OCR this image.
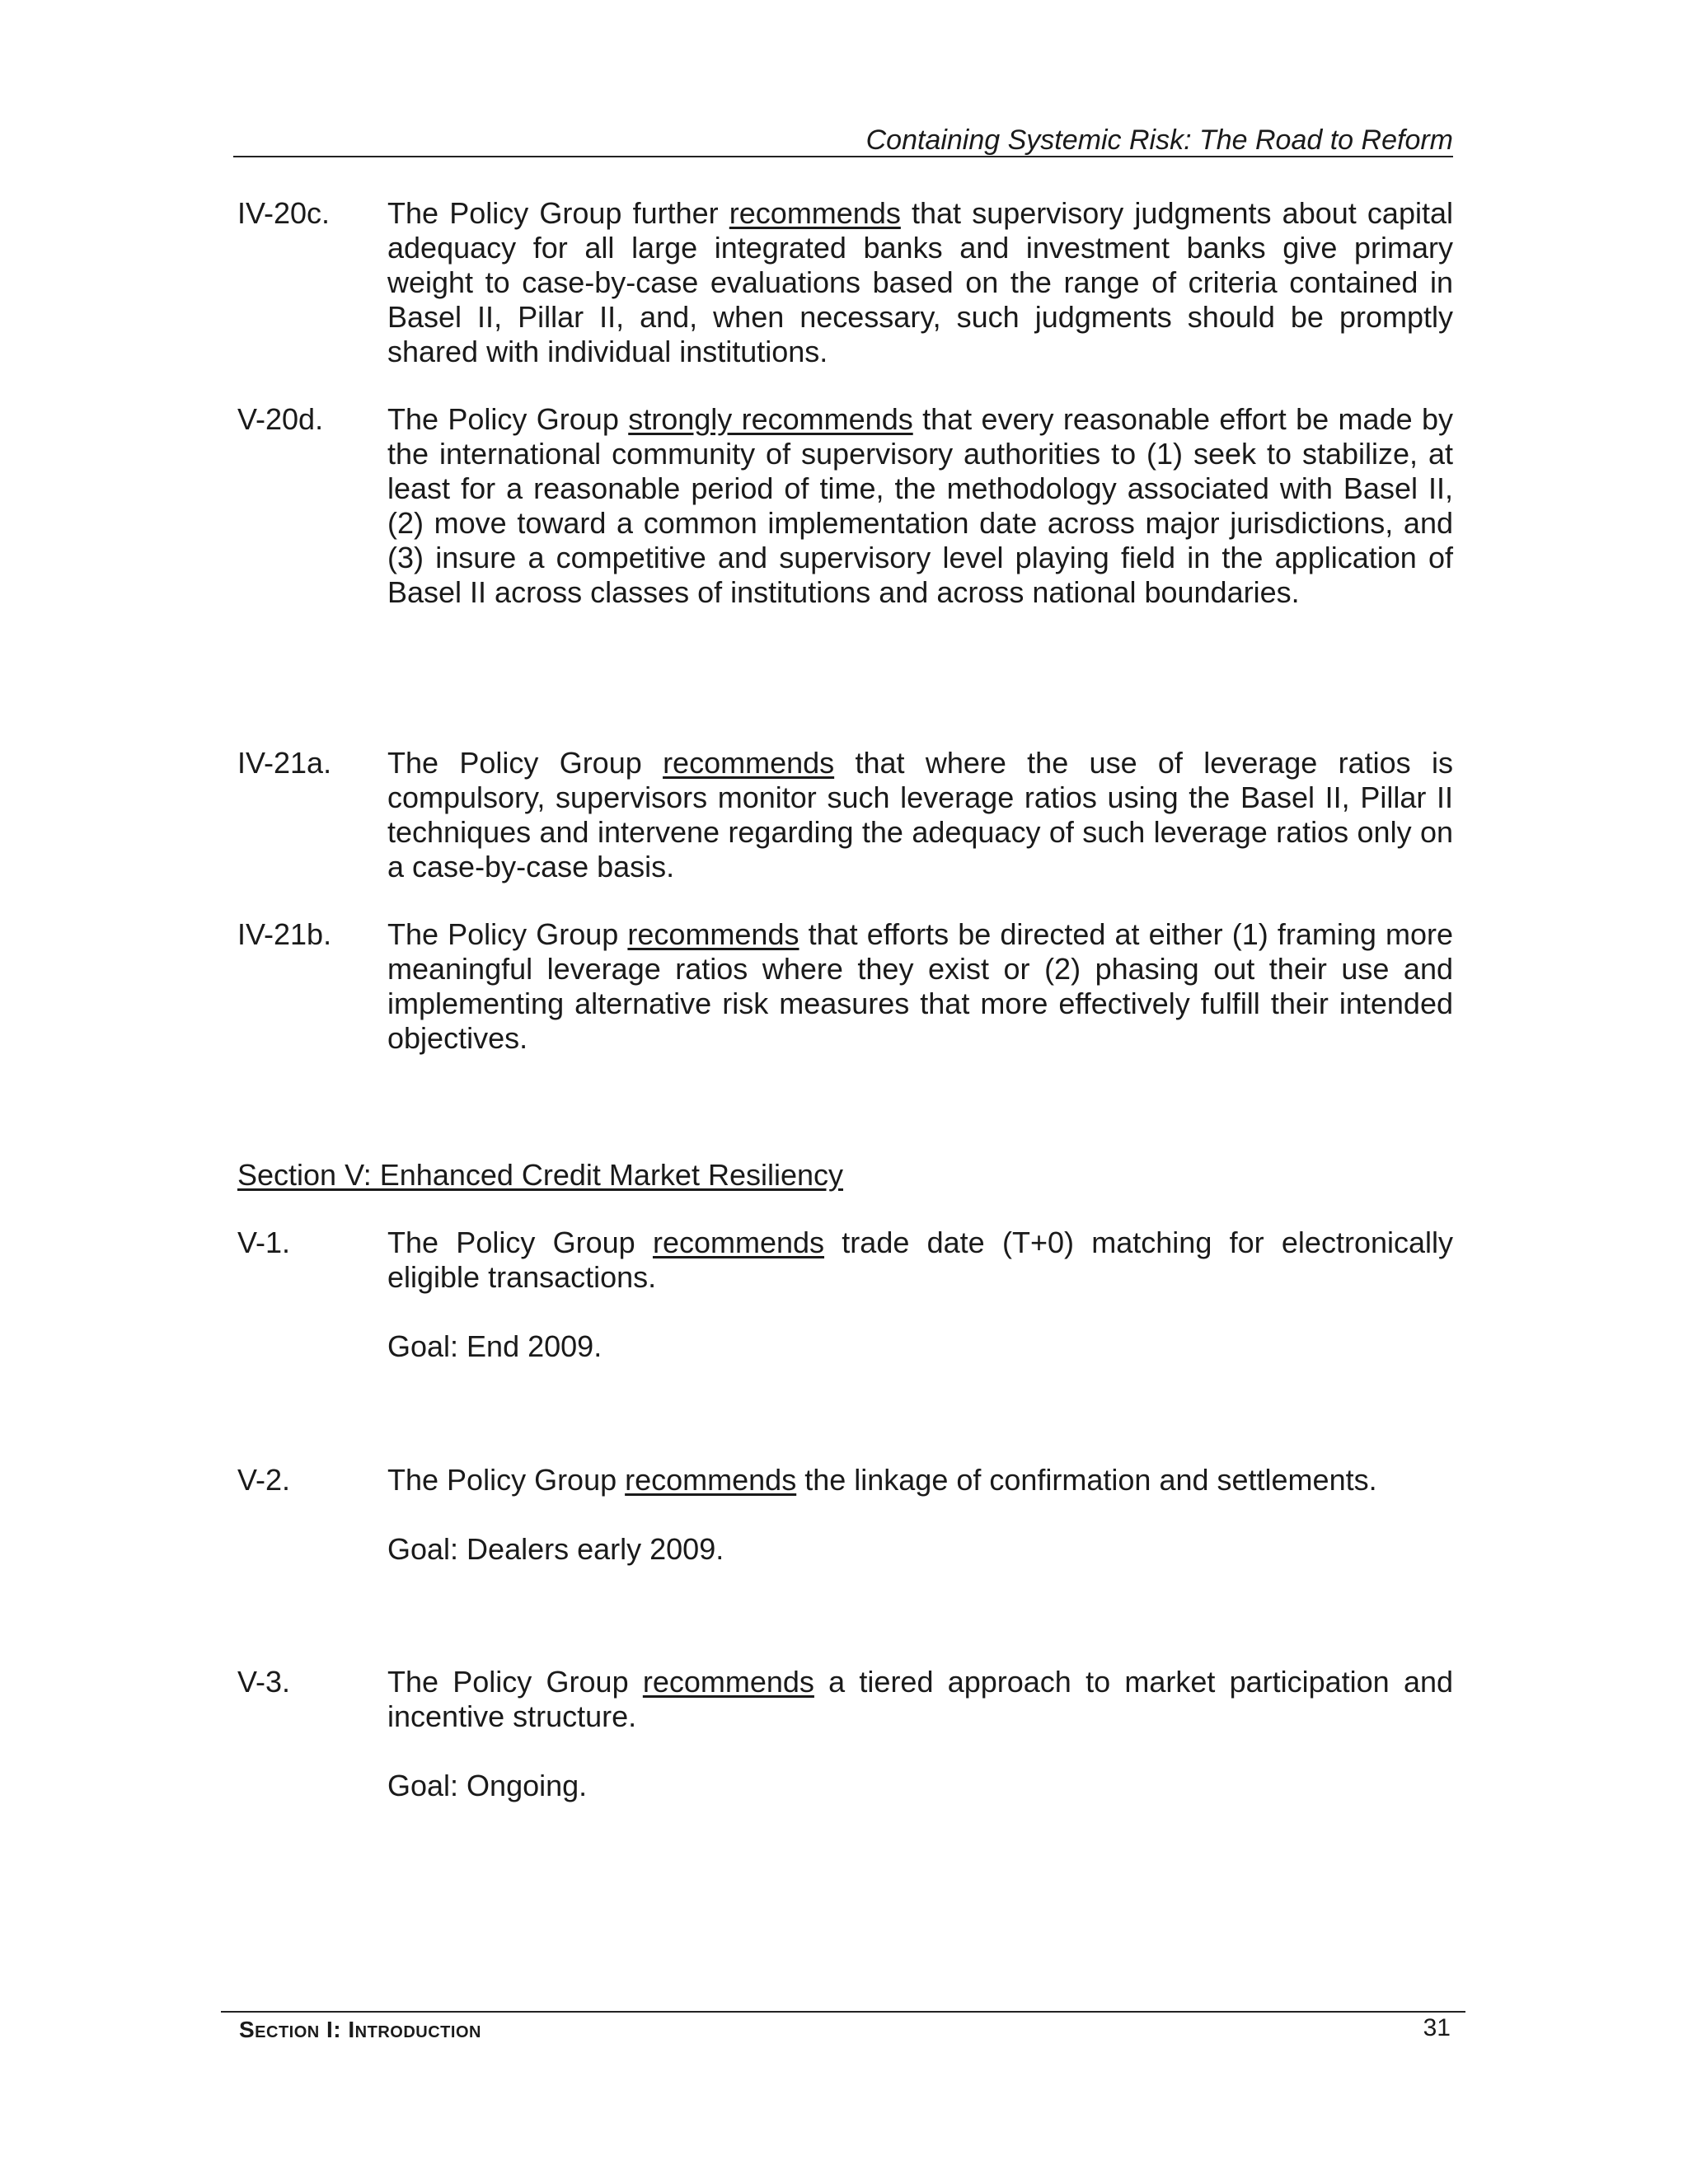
Containing Systemic Risk: The Road to Reform
IV-20c.	The Policy Group further recommends that supervisory judgments about capital adequacy for all large integrated banks and investment banks give primary weight to case-by-case evaluations based on the range of criteria contained in Basel II, Pillar II, and, when necessary, such judgments should be promptly shared with individual institutions.
V-20d.	The Policy Group strongly recommends that every reasonable effort be made by the international community of supervisory authorities to (1) seek to stabilize, at least for a reasonable period of time, the methodology associated with Basel II, (2) move toward a common implementation date across major jurisdictions, and (3) insure a competitive and supervisory level playing field in the application of Basel II across classes of institutions and across national boundaries.
IV-21a.	The Policy Group recommends that where the use of leverage ratios is compulsory, supervisors monitor such leverage ratios using the Basel II, Pillar II techniques and intervene regarding the adequacy of such leverage ratios only on a case-by-case basis.
IV-21b.	The Policy Group recommends that efforts be directed at either (1) framing more meaningful leverage ratios where they exist or (2) phasing out their use and implementing alternative risk measures that more effectively fulfill their intended objectives.
Section V: Enhanced Credit Market Resiliency
V-1.	The Policy Group recommends trade date (T+0) matching for electronically eligible transactions.
Goal: End 2009.
V-2.	The Policy Group recommends the linkage of confirmation and settlements.
Goal: Dealers early 2009.
V-3.	The Policy Group recommends a tiered approach to market participation and incentive structure.
Goal: Ongoing.
Section I: Introduction	31
